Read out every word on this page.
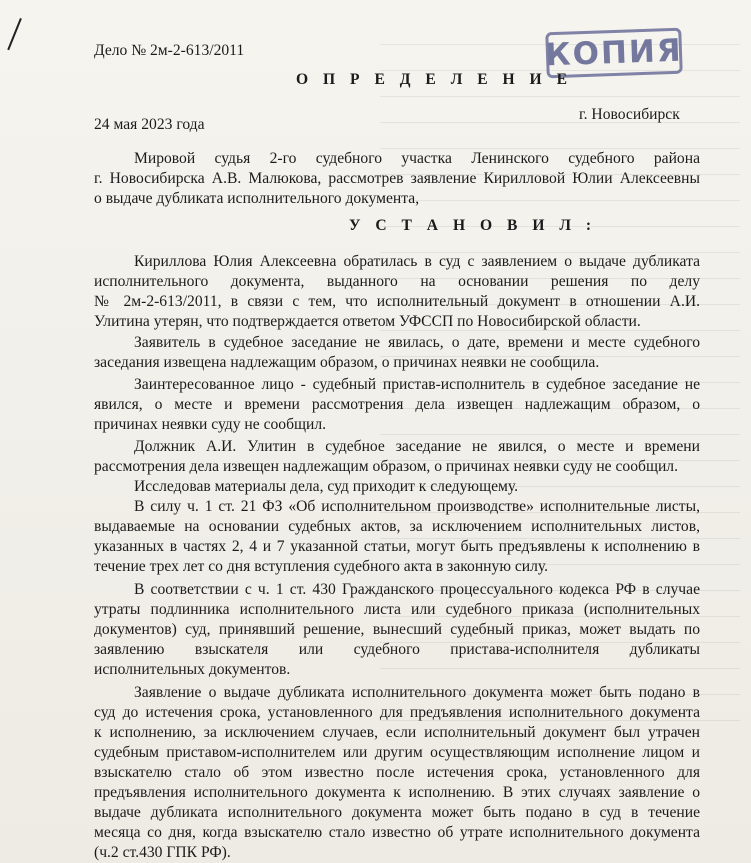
КОПИЯ
Дело № 2м-2-613/2011
О П Р Е Д Е Л Е Н И Е
24 мая 2023 года
г. Новосибирск
Мировой судья 2-го судебного участка Ленинского судебного района
г. Новосибирска А.В. Малюкова, рассмотрев заявление Кирилловой Юлии Алексеевны
о выдаче дубликата исполнительного документа,
У С Т А Н О В И Л :
Кириллова Юлия Алексеевна обратилась в суд с заявлением о выдаче дубликата
исполнительного документа, выданного на основании решения по делу
№ 2м-2-613/2011, в связи с тем, что исполнительный документ в отношении А.И.
Улитина утерян, что подтверждается ответом УФССП по Новосибирской области.
Заявитель в судебное заседание не явилась, о дате, времени и месте судебного
заседания извещена надлежащим образом, о причинах неявки не сообщила.
Заинтересованное лицо - судебный пристав-исполнитель в судебное заседание не
явился, о месте и времени рассмотрения дела извещен надлежащим образом, о
причинах неявки суду не сообщил.
Должник А.И. Улитин в судебное заседание не явился, о месте и времени
рассмотрения дела извещен надлежащим образом, о причинах неявки суду не сообщил.
Исследовав материалы дела, суд приходит к следующему.
В силу ч. 1 ст. 21 ФЗ «Об исполнительном производстве» исполнительные листы,
выдаваемые на основании судебных актов, за исключением исполнительных листов,
указанных в частях 2, 4 и 7 указанной статьи, могут быть предъявлены к исполнению в
течение трех лет со дня вступления судебного акта в законную силу.
В соответствии с ч. 1 ст. 430 Гражданского процессуального кодекса РФ в случае
утраты подлинника исполнительного листа или судебного приказа (исполнительных
документов) суд, принявший решение, вынесший судебный приказ, может выдать по
заявлению взыскателя или судебного пристава-исполнителя дубликаты
исполнительных документов.
Заявление о выдаче дубликата исполнительного документа может быть подано в
суд до истечения срока, установленного для предъявления исполнительного документа
к исполнению, за исключением случаев, если исполнительный документ был утрачен
судебным приставом-исполнителем или другим осуществляющим исполнение лицом и
взыскателю стало об этом известно после истечения срока, установленного для
предъявления исполнительного документа к исполнению. В этих случаях заявление о
выдаче дубликата исполнительного документа может быть подано в суд в течение
месяца со дня, когда взыскателю стало известно об утрате исполнительного документа
(ч.2 ст.430 ГПК РФ).
